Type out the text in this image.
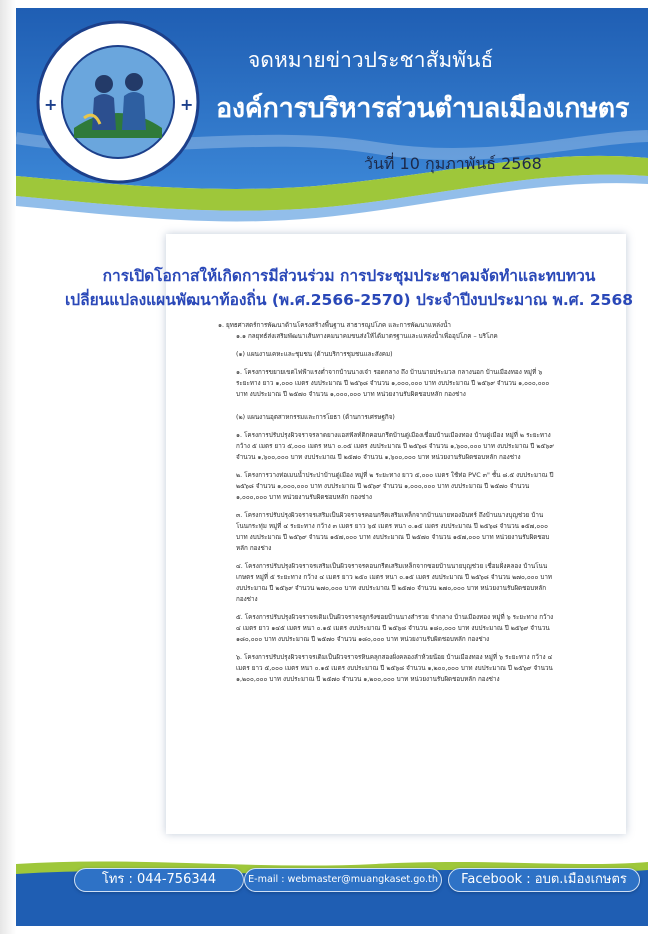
+	+
จดหมายข่าวประชาสัมพันธ์
องค์การบริหารส่วนตำบลเมืองเกษตร
วันที่ 10 กุมภาพันธ์ 2568
การเปิดโอกาสให้เกิดการมีส่วนร่วม การประชุมประชาคมจัดทำและทบทวน
เปลี่ยนแปลงแผนพัฒนาท้องถิ่น (พ.ศ.2566-2570) ประจำปีงบประมาณ พ.ศ. 2568

๑. ยุทธศาสตร์การพัฒนาด้านโครงสร้างพื้นฐาน สาธารณูปโภค และการพัฒนาแหล่งน้ำ

๑.๑ กลยุทธ์ส่งเสริมพัฒนาเส้นทางคมนาคมขนส่งให้ได้มาตรฐานและแหล่งน้ำเพื่ออุปโภค – บริโภค

(๑) แผนงานเคหะและชุมชน (ด้านบริการชุมชนและสังคม)

๑. โครงการขยายเขตไฟฟ้าแรงต่ำจากบ้านนางเจ๋า รอดกลาง ถึง บ้านนายประมวล กลางนอก บ้านเมืองทอง หมู่ที่ ๖ ระยะทาง ยาว ๑,๐๐๐ เมตร งบประมาณ ปี ๒๕๖๘ จำนวน ๑,๐๐๐,๐๐๐ บาท งบประมาณ ปี ๒๕๖๙ จำนวน ๑,๐๐๐,๐๐๐ บาท งบประมาณ ปี ๒๕๗๐ จำนวน ๑,๐๐๐,๐๐๐ บาท หน่วยงานรับผิดชอบหลัก กองช่าง

(๒) แผนงานอุตสาหกรรมและการโยธา (ด้านการเศรษฐกิจ)

๑. โครงการปรับปรุงผิวจราจรลาดยางแอสฟัลท์ติกคอนกรีตบ้านดู่เมืองเชื่อมบ้านเมืองทอง บ้านดู่เมือง หมู่ที่ ๒ ระยะทาง กว้าง ๕ เมตร ยาว ๕,๐๐๐ เมตร หนา ๐.๐๕ เมตร งบประมาณ ปี ๒๕๖๘ จำนวน ๑,๖๐๐,๐๐๐ บาท งบประมาณ ปี ๒๕๖๙ จำนวน ๑,๖๐๐,๐๐๐ บาท งบประมาณ ปี ๒๕๗๐ จำนวน ๑,๖๐๐,๐๐๐ บาท หน่วยงานรับผิดชอบหลัก กองช่าง

๒. โครงการวางท่อเมนน้ำประปาบ้านดู่เมือง หมู่ที่ ๒ ระยะทาง ยาว ๕,๐๐๐ เมตร ใช้ท่อ PVC ๓" ชั้น ๘.๕ งบประมาณ ปี ๒๕๖๘ จำนวน ๑,๐๐๐,๐๐๐ บาท งบประมาณ ปี ๒๕๖๙ จำนวน ๑,๐๐๐,๐๐๐ บาท งบประมาณ ปี ๒๕๗๐ จำนวน ๑,๐๐๐,๐๐๐ บาท หน่วยงานรับผิดชอบหลัก กองช่าง

๓. โครงการปรับปรุงผิวจราจรเสริมเป็นผิวจราจรคอนกรีตเสริมเหล็กจากบ้านนายทองอินทร์ ถึงบ้านนางบุญช่วย บ้านโนนกระทุ่ม หมู่ที่ ๔ ระยะทาง กว้าง ๓ เมตร ยาว ๖๕ เมตร หนา ๐.๑๕ เมตร งบประมาณ ปี ๒๕๖๘ จำนวน ๑๕๗,๐๐๐ บาท งบประมาณ ปี ๒๕๖๙ จำนวน ๑๕๗,๐๐๐ บาท งบประมาณ ปี ๒๕๗๐ จำนวน ๑๕๗,๐๐๐ บาท หน่วยงานรับผิดชอบหลัก กองช่าง

๔. โครงการปรับปรุงผิวจราจรเสริมเป็นผิวจราจรคอนกรีตเสริมเหล็กจากซอยบ้านนายบุญช่วย เชื่อมฝั่งคลอง บ้านโนนเกษตร หมู่ที่ ๕ ระยะทาง กว้าง ๔ เมตร ยาว ๒๕๐ เมตร หนา ๐.๑๕ เมตร งบประมาณ ปี ๒๕๖๘ จำนวน ๒๗๐,๐๐๐ บาท งบประมาณ ปี ๒๕๖๙ จำนวน ๒๗๐,๐๐๐ บาท งบประมาณ ปี ๒๕๗๐ จำนวน ๒๗๐,๐๐๐ บาท หน่วยงานรับผิดชอบหลัก กองช่าง

๕. โครงการปรับปรุงผิวจราจรเดิมเป็นผิวจราจรลูกรังซอยบ้านนางสำรวย จำกลาง บ้านเมืองทอง หมู่ที่ ๖ ระยะทาง กว้าง ๔ เมตร ยาว ๑๔๕ เมตร หนา ๐.๑๕ เมตร งบประมาณ ปี ๒๕๖๘ จำนวน ๑๘๐,๐๐๐ บาท งบประมาณ ปี ๒๕๖๙ จำนวน ๑๘๐,๐๐๐ บาท งบประมาณ ปี ๒๕๗๐ จำนวน ๑๘๐,๐๐๐ บาท หน่วยงานรับผิดชอบหลัก กองช่าง

๖. โครงการปรับปรุงผิวจราจรเดิมเป็นผิวจราจรหินคลุกสองฝั่งคลองลำห้วยน้อย บ้านเมืองทอง หมู่ที่ ๖ ระยะทาง กว้าง ๔ เมตร ยาว ๕,๐๐๐ เมตร หนา ๐.๑๕ เมตร งบประมาณ ปี ๒๕๖๘ จำนวน ๑,๒๐๐,๐๐๐ บาท งบประมาณ ปี ๒๕๖๙ จำนวน ๑,๒๐๐,๐๐๐ บาท งบประมาณ ปี ๒๕๗๐ จำนวน ๑,๒๐๐,๐๐๐ บาท หน่วยงานรับผิดชอบหลัก กองช่าง

โทร : 044-756344	E-mail : webmaster@muangkaset.go.th	Facebook : อบต.เมืองเกษตร
